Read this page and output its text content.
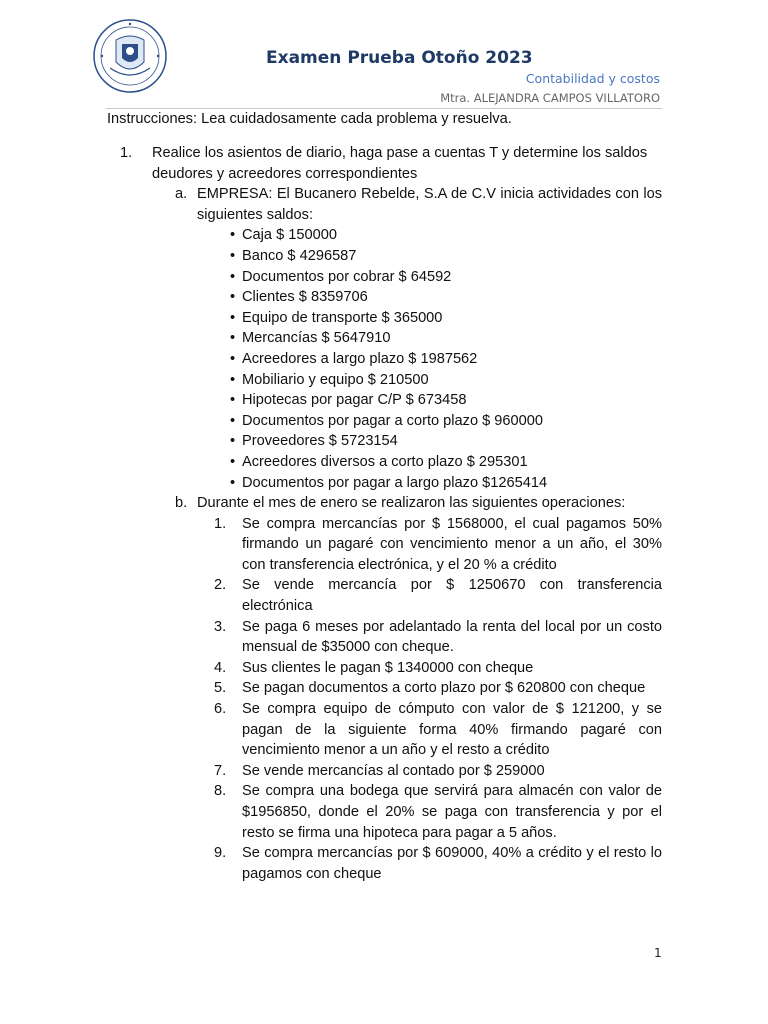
Examen Prueba Otoño 2023
Contabilidad y costos
Mtra. ALEJANDRA CAMPOS VILLATORO
Instrucciones: Lea cuidadosamente cada problema y resuelva.
1.	Realice los asientos de diario, haga pase a cuentas T y determine los saldos deudores y acreedores correspondientes
a. EMPRESA: El Bucanero Rebelde, S.A de C.V inicia actividades con los siguientes saldos:
• Caja $ 150000
• Banco $ 4296587
• Documentos por cobrar $ 64592
• Clientes $ 8359706
• Equipo de transporte $ 365000
• Mercancías $ 5647910
• Acreedores a largo plazo $ 1987562
• Mobiliario y equipo $ 210500
• Hipotecas por pagar C/P $ 673458
• Documentos por pagar a corto plazo $ 960000
• Proveedores $ 5723154
• Acreedores diversos a corto plazo $ 295301
• Documentos por pagar a largo plazo $1265414
b. Durante el mes de enero se realizaron las siguientes operaciones:
1.	Se compra mercancías por $ 1568000, el cual pagamos 50% firmando un pagaré con vencimiento menor a un año, el 30% con transferencia electrónica, y el 20 % a crédito
2.	Se vende mercancía por $ 1250670 con transferencia electrónica
3.	Se paga 6 meses por adelantado la renta del local por un costo mensual de $35000 con cheque.
4.	Sus clientes le pagan $ 1340000 con cheque
5.	Se pagan documentos a corto plazo por $ 620800 con cheque
6.	Se compra equipo de cómputo con valor de $ 121200, y se pagan de la siguiente forma 40% firmando pagaré con vencimiento menor a un año y el resto a crédito
7.	Se vende mercancías al contado por $ 259000
8.	Se compra una bodega que servirá para almacén con valor de $1956850, donde el 20% se paga con transferencia y por el resto se firma una hipoteca para pagar a 5 años.
9.	Se compra mercancías por $ 609000, 40% a crédito y el resto lo pagamos con cheque
1
